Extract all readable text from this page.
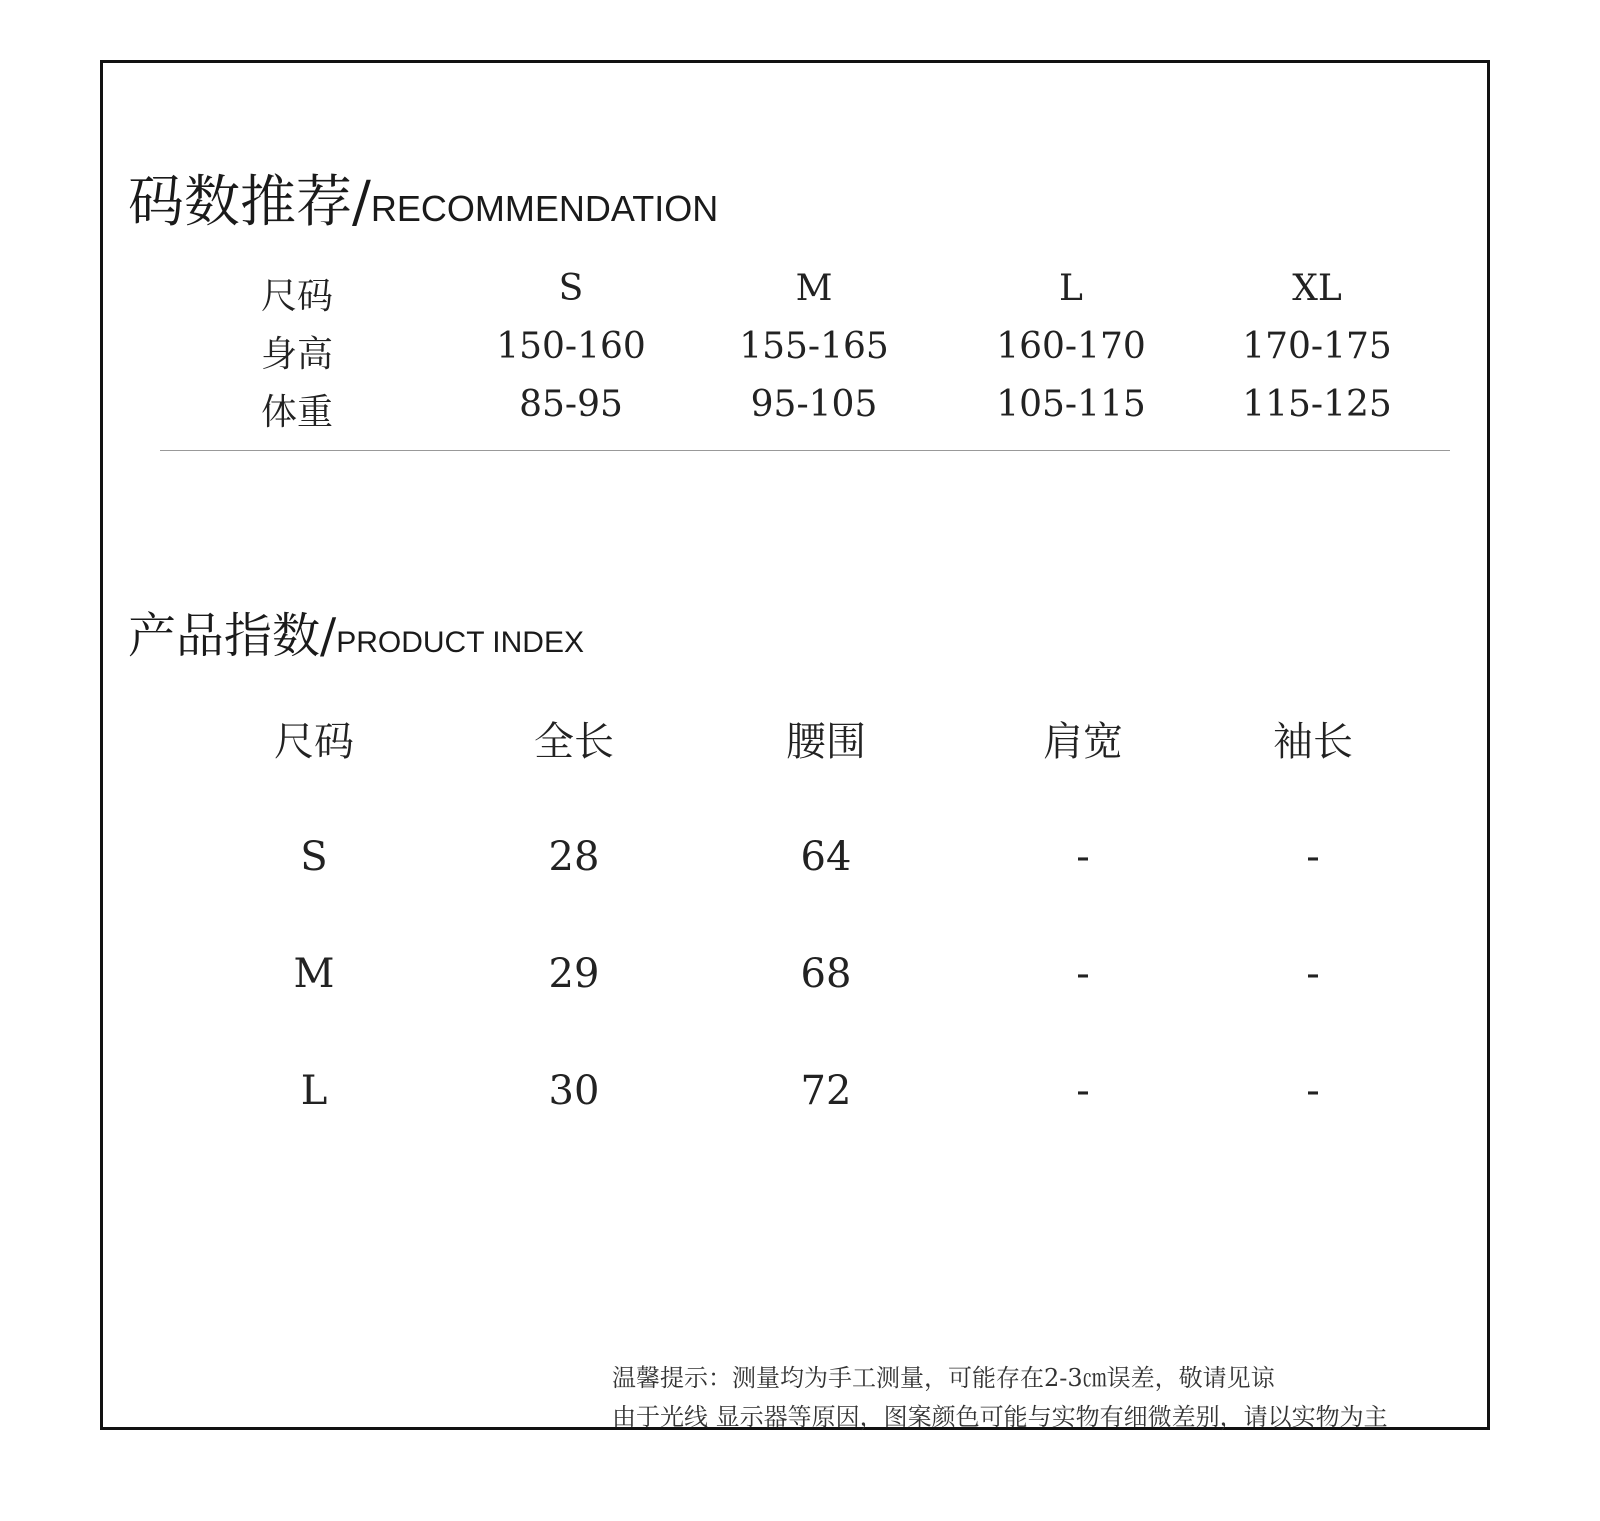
码数推荐/RECOMMENDATION
尺码	S	M	L	XL
身高	150-160	155-165	160-170	170-175
体重	85-95	95-105	105-115	115-125
产品指数/PRODUCT INDEX
尺码	全长	腰围	肩宽	袖长
S	28	64	-	-
M	29	68	-	-
L	30	72	-	-
温馨提示：测量均为手工测量，可能存在2-3㎝误差，敬请见谅
由于光线 显示器等原因，图案颜色可能与实物有细微差别，请以实物为主
